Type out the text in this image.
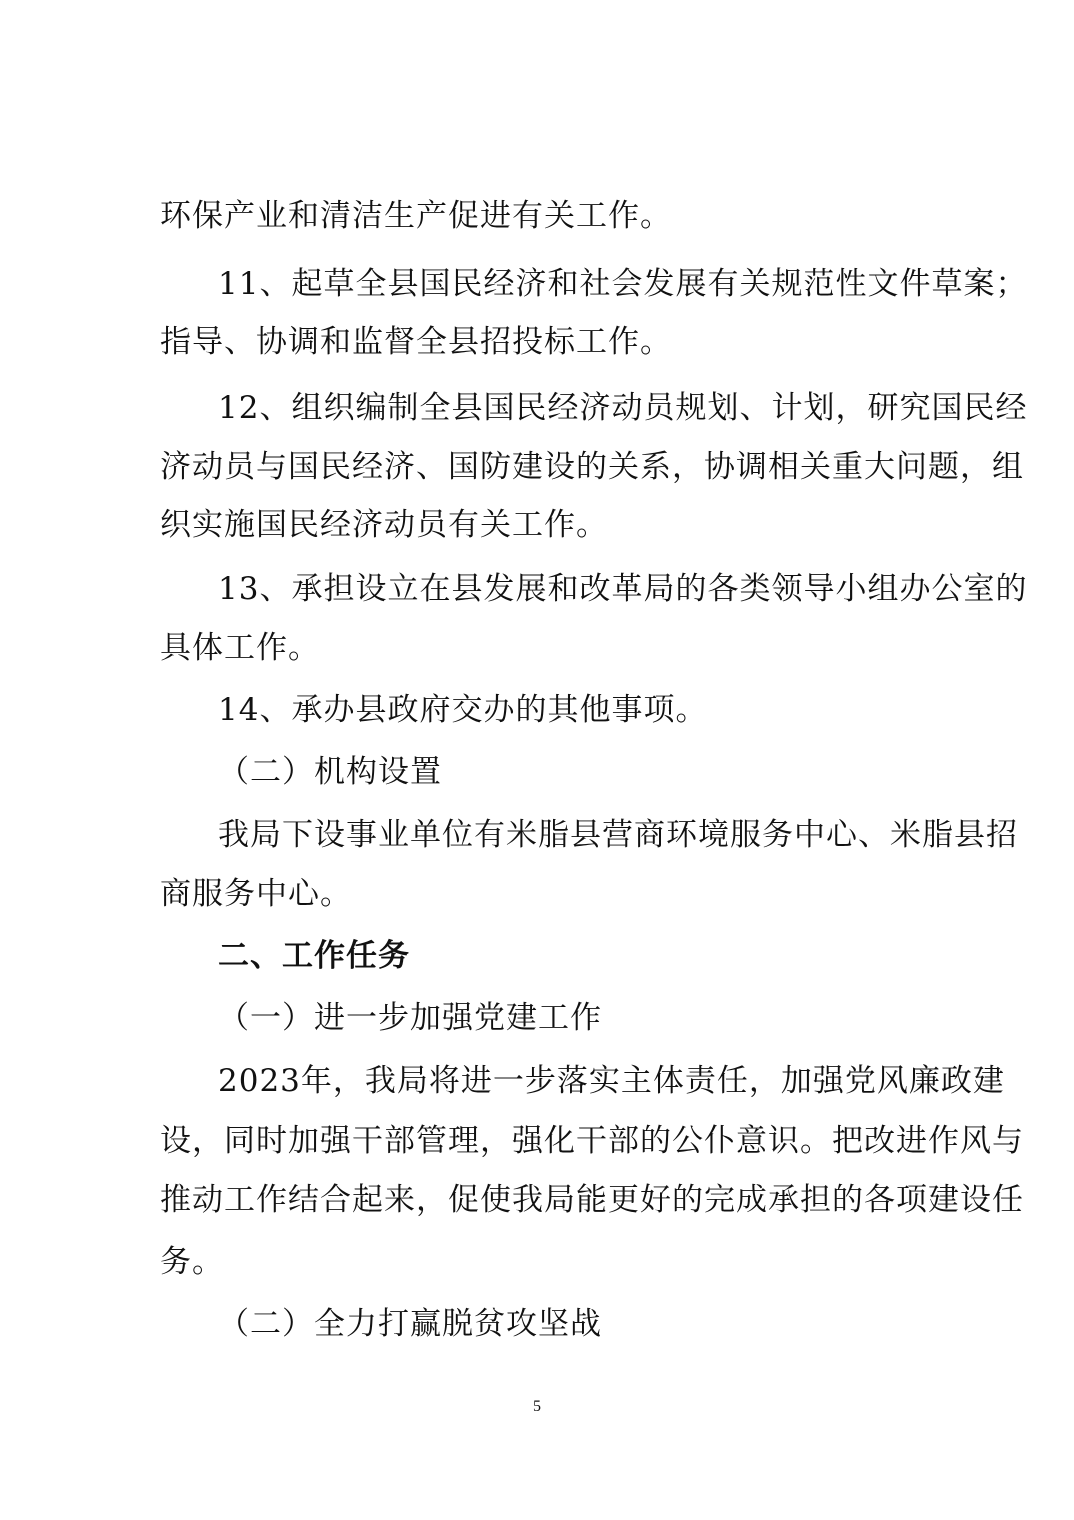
环保产业和清洁生产促进有关工作。
11、起草全县国民经济和社会发展有关规范性文件草案；
指导、协调和监督全县招投标工作。
12、组织编制全县国民经济动员规划、计划，研究国民经
济动员与国民经济、国防建设的关系，协调相关重大问题，组
织实施国民经济动员有关工作。
13、承担设立在县发展和改革局的各类领导小组办公室的
具体工作。
14、承办县政府交办的其他事项。
（二）机构设置
我局下设事业单位有米脂县营商环境服务中心、米脂县招
商服务中心。
二、工作任务
（一）进一步加强党建工作
2023年，我局将进一步落实主体责任，加强党风廉政建
设，同时加强干部管理，强化干部的公仆意识。把改进作风与
推动工作结合起来，促使我局能更好的完成承担的各项建设任
务。
（二）全力打赢脱贫攻坚战
5
